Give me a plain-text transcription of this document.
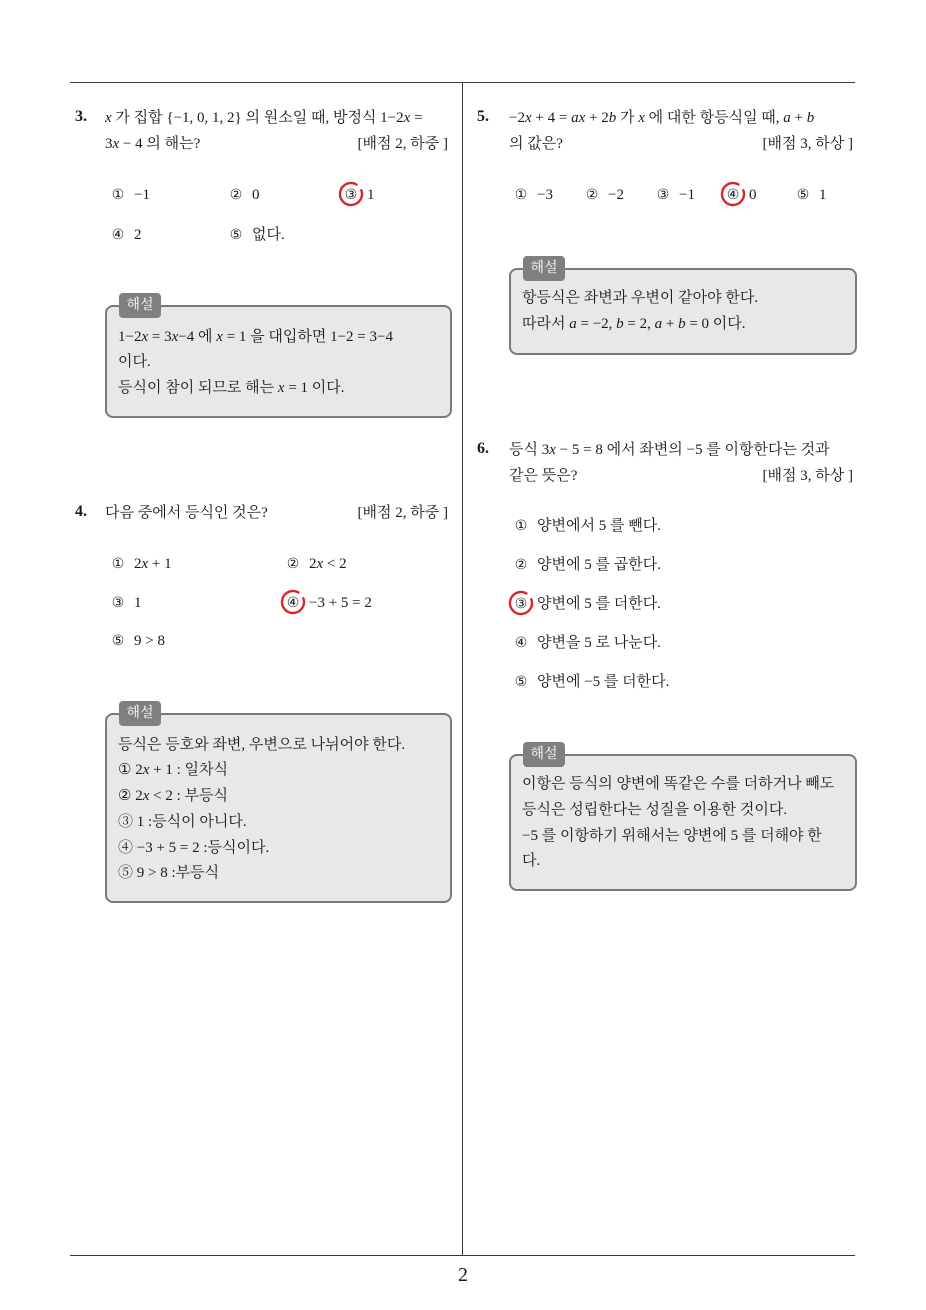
3. x 가 집합 {−1, 0, 1, 2} 의 원소일 때, 방정식 1−2x =
3x − 4 의 해는?	[배점 2, 하중 ]
① −1	② 0	③ 1
④ 2	⑤ 없다.
해설
1−2x = 3x−4 에 x = 1 을 대입하면 1−2 = 3−4
이다.
등식이 참이 되므로 해는 x = 1 이다.
4. 다음 중에서 등식인 것은?	[배점 2, 하중 ]
① 2x + 1	② 2x < 2
③ 1	④ −3 + 5 = 2
⑤ 9 > 8
해설
등식은 등호와 좌변, 우변으로 나뉘어야 한다.
① 2x + 1 : 일차식
② 2x < 2 : 부등식
③ 1 :등식이 아니다.
④ −3 + 5 = 2 :등식이다.
⑤ 9 > 8 :부등식
5. −2x + 4 = ax + 2b 가 x 에 대한 항등식일 때, a + b
의 값은?	[배점 3, 하상 ]
① −3 ② −2 ③ −1 ④ 0	⑤ 1
해설
항등식은 좌변과 우변이 같아야 한다.
따라서 a = −2, b = 2, a + b = 0 이다.
6. 등식 3x − 5 = 8 에서 좌변의 −5 를 이항한다는 것과
같은 뜻은?	[배점 3, 하상 ]
① 양변에서 5 를 뺀다.
② 양변에 5 를 곱한다.
③ 양변에 5 를 더한다.
④ 양변을 5 로 나눈다.
⑤ 양변에 −5 를 더한다.
해설
이항은 등식의 양변에 똑같은 수를 더하거나 빼도
등식은 성립한다는 성질을 이용한 것이다.
−5 를 이항하기 위해서는 양변에 5 를 더해야 한
다.
2
